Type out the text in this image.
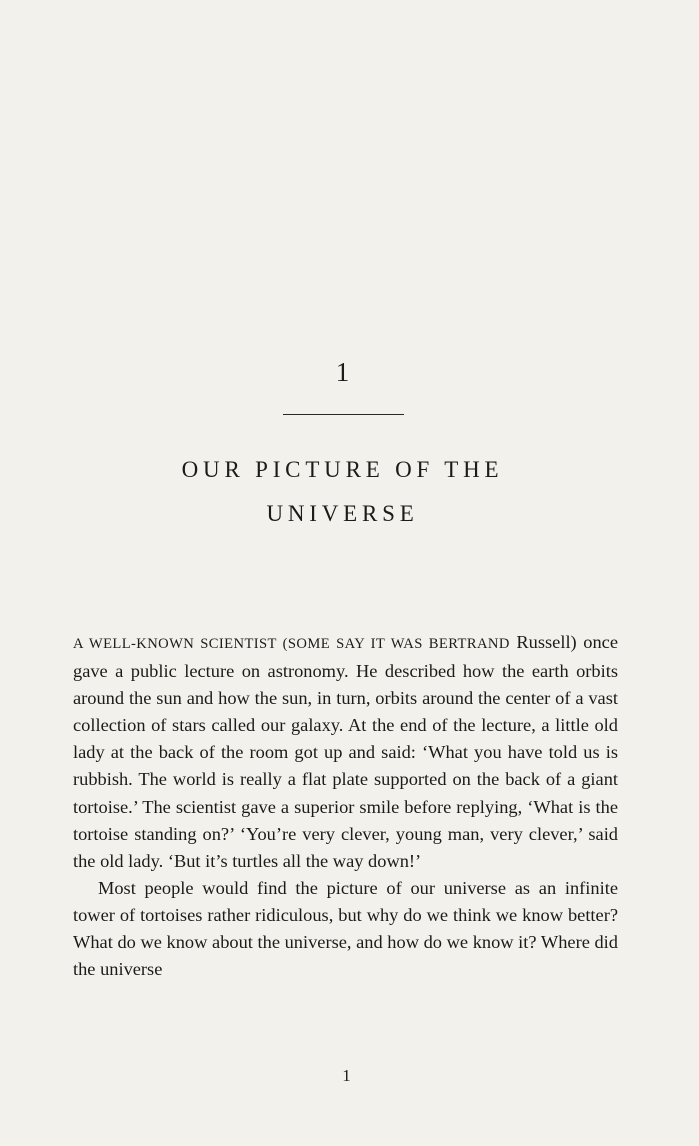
1
OUR PICTURE OF THE
UNIVERSE

A WELL-KNOWN SCIENTIST (SOME SAY IT WAS BERTRAND Russell) once gave a public lecture on astronomy. He described how the earth orbits around the sun and how the sun, in turn, orbits around the center of a vast collection of stars called our galaxy. At the end of the lecture, a little old lady at the back of the room got up and said: ‘What you have told us is rubbish. The world is really a flat plate supported on the back of a giant tortoise.’ The scientist gave a superior smile before replying, ‘What is the tortoise standing on?’ ‘You’re very clever, young man, very clever,’ said the old lady. ‘But it’s turtles all the way down!’

Most people would find the picture of our universe as an infinite tower of tortoises rather ridiculous, but why do we think we know better? What do we know about the universe, and how do we know it? Where did the universe

1
